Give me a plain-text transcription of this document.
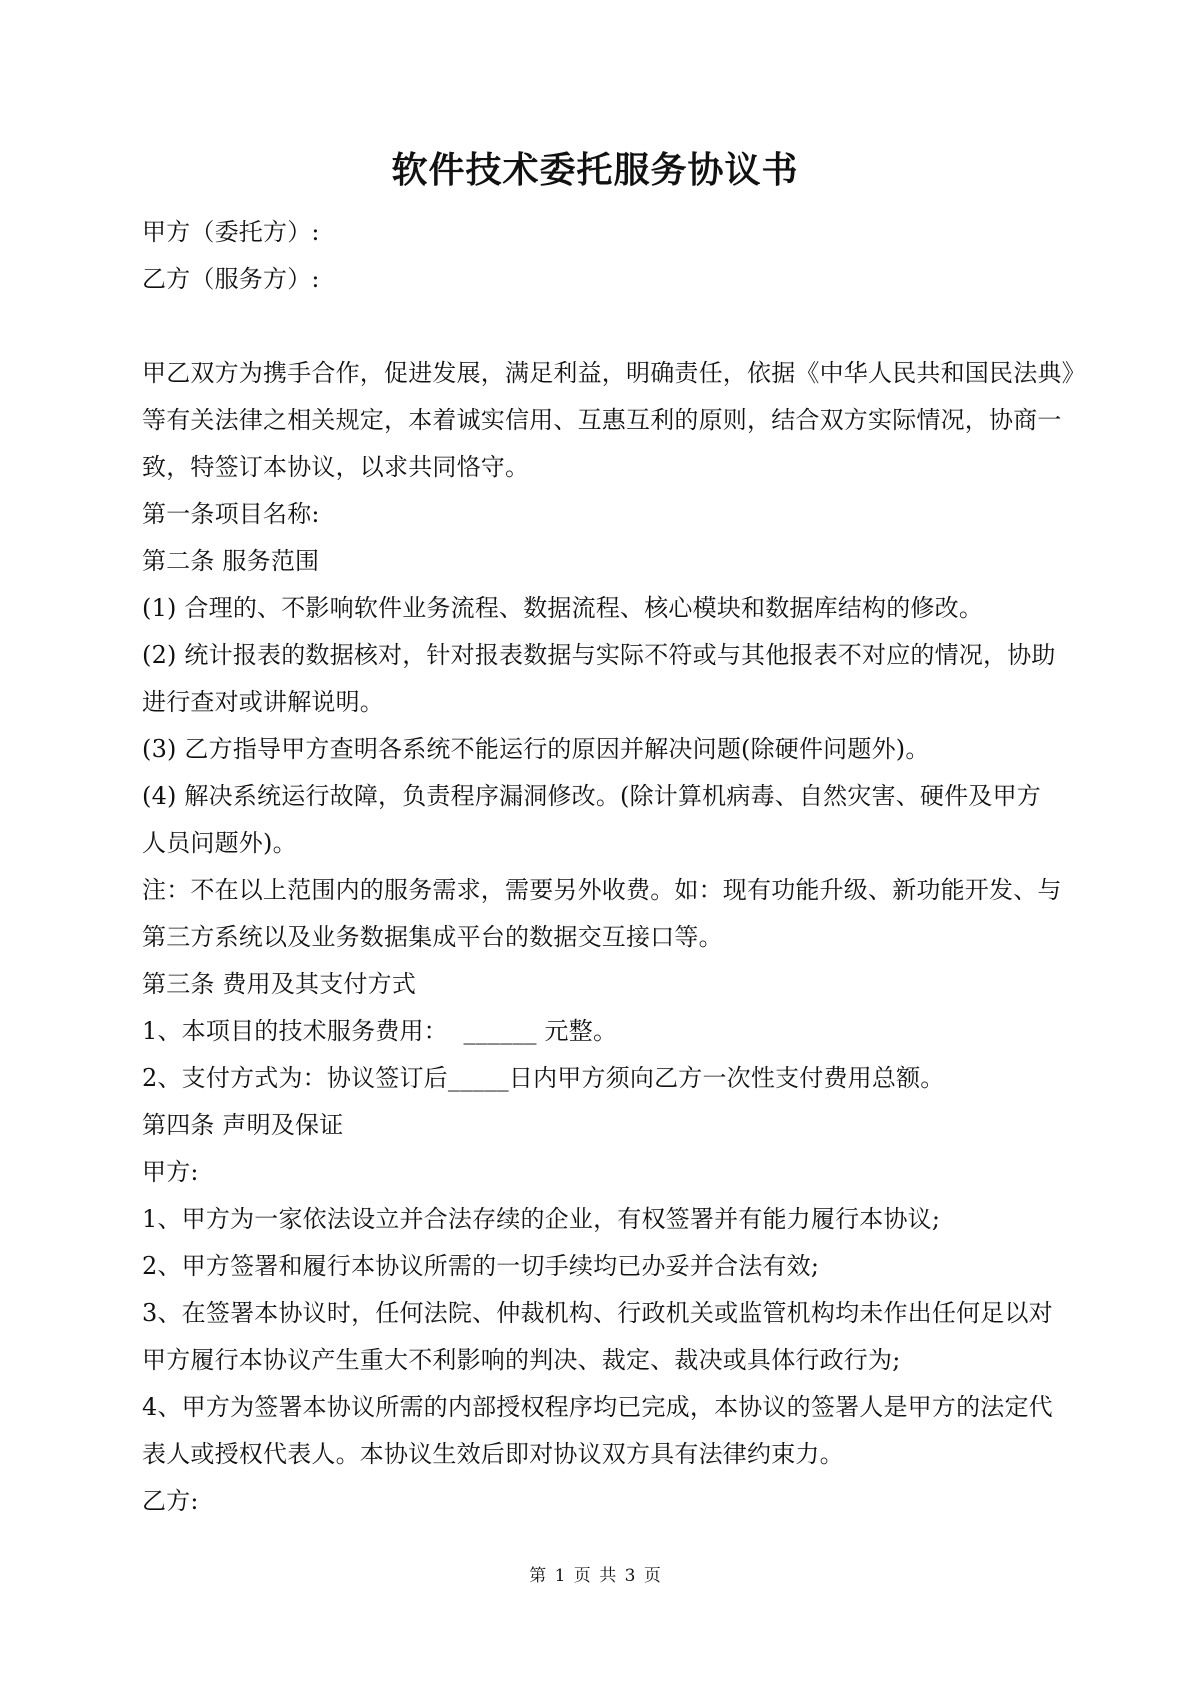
软件技术委托服务协议书
甲方（委托方）:
乙方（服务方）:
甲乙双方为携手合作，促进发展，满足利益，明确责任，依据《中华人民共和国民法典》
等有关法律之相关规定，本着诚实信用、互惠互利的原则，结合双方实际情况，协商一
致，特签订本协议，以求共同恪守。
第一条项目名称:
第二条 服务范围
(1) 合理的、不影响软件业务流程、数据流程、核心模块和数据库结构的修改。
(2) 统计报表的数据核对，针对报表数据与实际不符或与其他报表不对应的情况，协助
进行查对或讲解说明。
(3) 乙方指导甲方查明各系统不能运行的原因并解决问题(除硬件问题外)。
(4) 解决系统运行故障，负责程序漏洞修改。(除计算机病毒、自然灾害、硬件及甲方
人员问题外)。
注：不在以上范围内的服务需求，需要另外收费。如：现有功能升级、新功能开发、与
第三方系统以及业务数据集成平台的数据交互接口等。
第三条 费用及其支付方式
1、本项目的技术服务费用：  ______ 元整。
2、支付方式为：协议签订后_____日内甲方须向乙方一次性支付费用总额。
第四条 声明及保证
甲方:
1、甲方为一家依法设立并合法存续的企业，有权签署并有能力履行本协议;
2、甲方签署和履行本协议所需的一切手续均已办妥并合法有效;
3、在签署本协议时，任何法院、仲裁机构、行政机关或监管机构均未作出任何足以对
甲方履行本协议产生重大不利影响的判决、裁定、裁决或具体行政行为;
4、甲方为签署本协议所需的内部授权程序均已完成，本协议的签署人是甲方的法定代
表人或授权代表人。本协议生效后即对协议双方具有法律约束力。
乙方:
第 1 页 共 3 页
